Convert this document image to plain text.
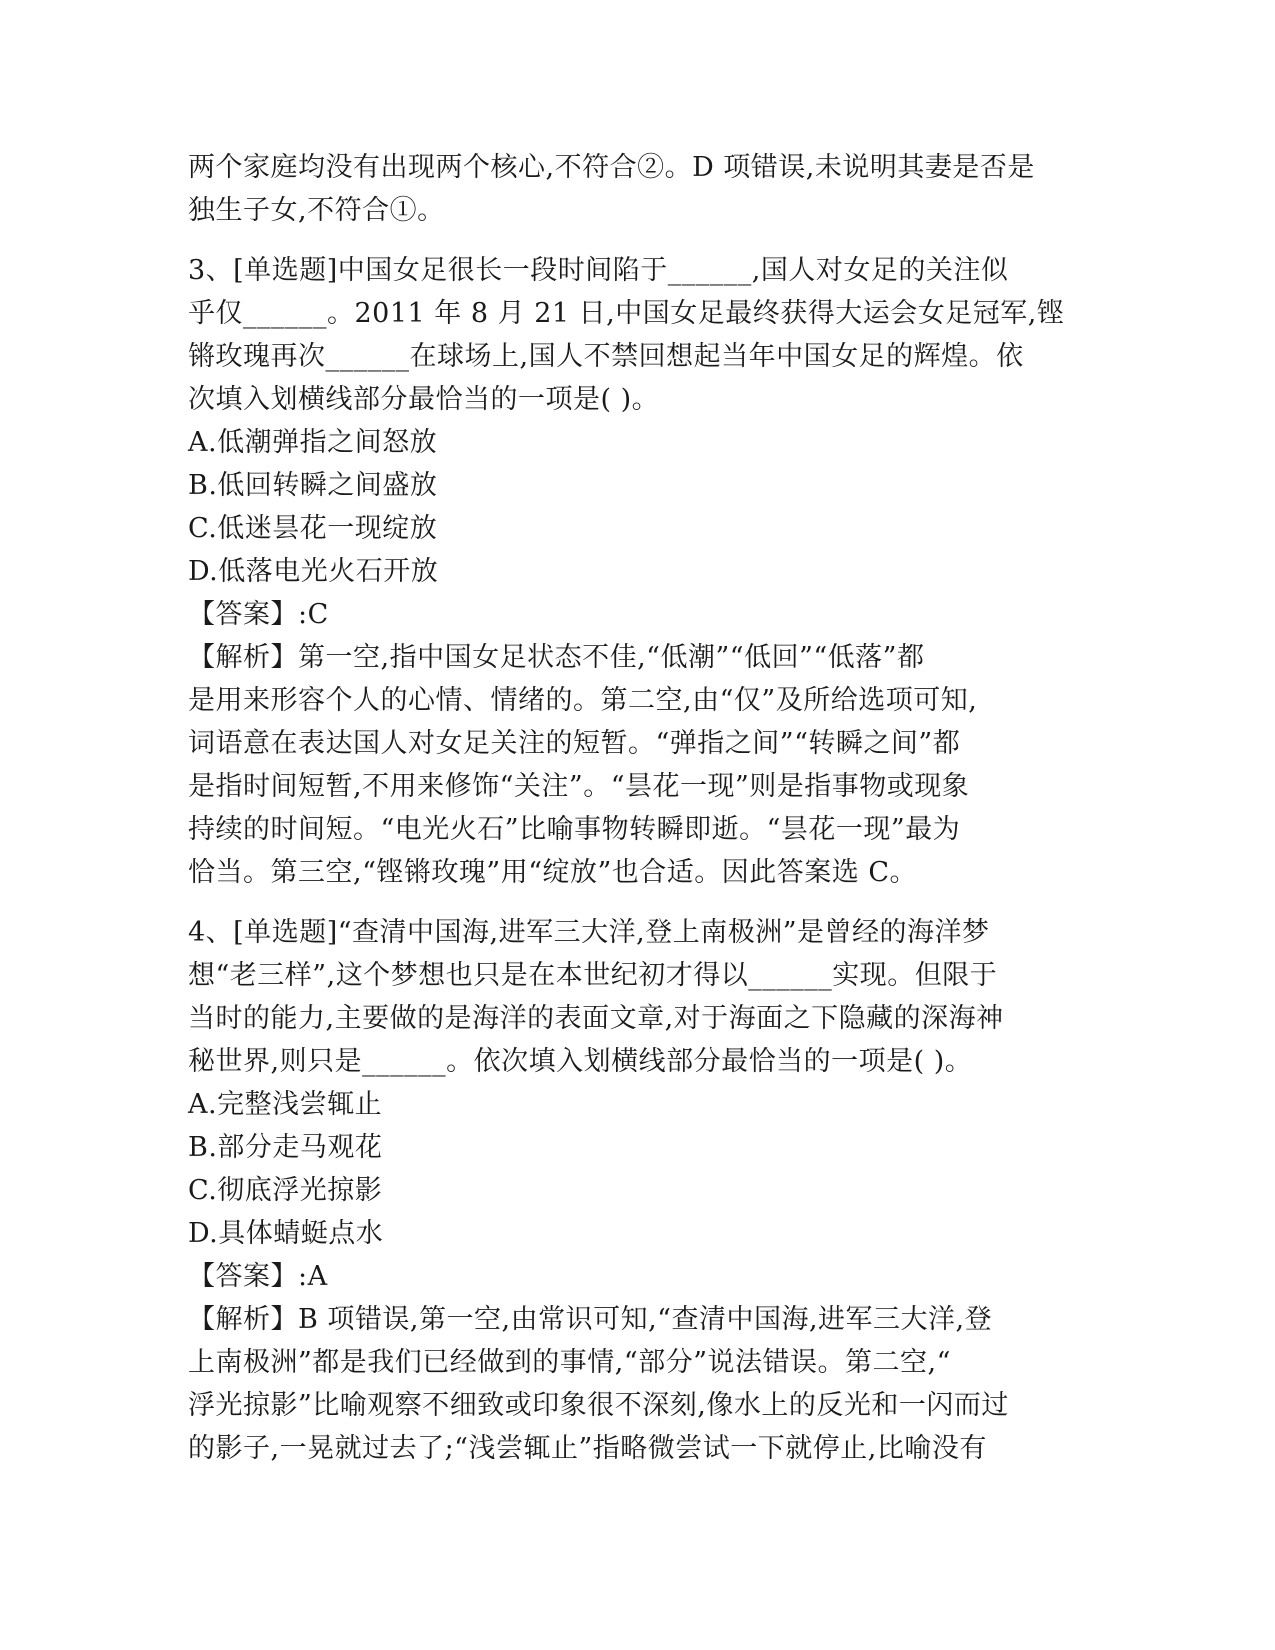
两个家庭均没有出现两个核心,不符合②。D 项错误,未说明其妻是否是
独生子女,不符合①。
3、[单选题]中国女足很长一段时间陷于______,国人对女足的关注似
乎仅______。2011 年 8 月 21 日,中国女足最终获得大运会女足冠军,铿
锵玫瑰再次______在球场上,国人不禁回想起当年中国女足的辉煌。依
次填入划横线部分最恰当的一项是( )。
A.低潮弹指之间怒放
B.低回转瞬之间盛放
C.低迷昙花一现绽放
D.低落电光火石开放
【答案】:C
【解析】第一空,指中国女足状态不佳,“低潮”“低回”“低落”都
是用来形容个人的心情、情绪的。第二空,由“仅”及所给选项可知,
词语意在表达国人对女足关注的短暂。“弹指之间”“转瞬之间”都
是指时间短暂,不用来修饰“关注”。“昙花一现”则是指事物或现象
持续的时间短。“电光火石”比喻事物转瞬即逝。“昙花一现”最为
恰当。第三空,“铿锵玫瑰”用“绽放”也合适。因此答案选 C。
4、[单选题]“查清中国海,进军三大洋,登上南极洲”是曾经的海洋梦
想“老三样”,这个梦想也只是在本世纪初才得以______实现。但限于
当时的能力,主要做的是海洋的表面文章,对于海面之下隐藏的深海神
秘世界,则只是______。依次填入划横线部分最恰当的一项是( )。
A.完整浅尝辄止
B.部分走马观花
C.彻底浮光掠影
D.具体蜻蜓点水
【答案】:A
【解析】B 项错误,第一空,由常识可知,“查清中国海,进军三大洋,登
上南极洲”都是我们已经做到的事情,“部分”说法错误。第二空,“
浮光掠影”比喻观察不细致或印象很不深刻,像水上的反光和一闪而过
的影子,一晃就过去了;“浅尝辄止”指略微尝试一下就停止,比喻没有
